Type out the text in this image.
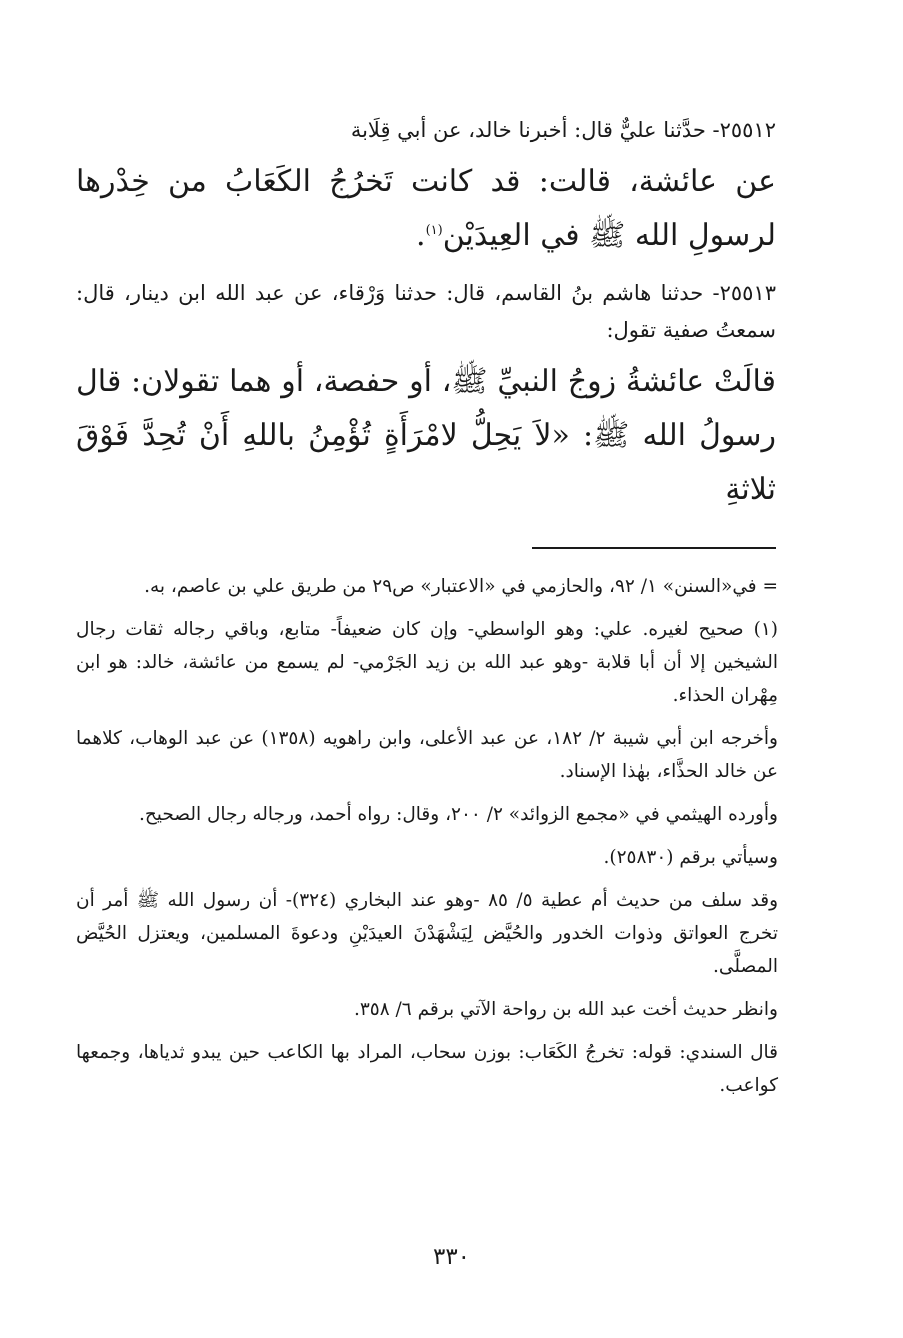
٢٥٥١٢- حدَّثنا عليٌّ قال: أخبرنا خالد، عن أبي قِلَابة

عن عائشة، قالت: قد كانت تَخرُجُ الكَعَابُ من خِدْرها لرسولِ الله ﷺ في العِيدَيْن$^{(١)}$.

٢٥٥١٣- حدثنا هاشم بنُ القاسم، قال: حدثنا وَرْقاء، عن عبد الله ابن دينار، قال: سمعتُ صفية تقول:

قالَتْ عائشةُ زوجُ النبيِّ ﷺ، أو حفصة، أو هما تقولان: قال رسولُ الله ﷺ: «لاَ يَحِلُّ لامْرَأَةٍ تُؤْمِنُ باللهِ أَنْ تُحِدَّ فَوْقَ ثلاثةِ

= في«السنن» ١/ ٩٢، والحازمي في «الاعتبار» ص٢٩ من طريق علي بن عاصم، به.

(١) صحيح لغيره. علي: وهو الواسطي- وإن كان ضعيفاً- متابع، وباقي رجاله ثقات رجال الشيخين إلا أن أبا قلابة -وهو عبد الله بن زيد الجَرْمي- لم يسمع من عائشة، خالد: هو ابن مِهْران الحذاء.

وأخرجه ابن أبي شيبة ٢/ ١٨٢، عن عبد الأعلى، وابن راهويه (١٣٥٨) عن عبد الوهاب، كلاهما عن خالد الحذَّاء، بهٰذا الإسناد.

وأورده الهيثمي في «مجمع الزوائد» ٢/ ٢٠٠، وقال: رواه أحمد، ورجاله رجال الصحيح.

وسيأتي برقم (٢٥٨٣٠).

وقد سلف من حديث أم عطية ٥/ ٨٥ -وهو عند البخاري (٣٢٤)- أن رسول الله ﷺ أمر أن تخرج العواتق وذوات الخدور والحُيَّض لِيَشْهَدْنَ العيدَيْنِ ودعوةَ المسلمين، ويعتزل الحُيَّض المصلَّى.

وانظر حديث أخت عبد الله بن رواحة الآتي برقم ٦/ ٣٥٨.

قال السندي: قوله: تخرجُ الكَعَاب: بوزن سحاب، المراد بها الكاعب حين يبدو ثدياها، وجمعها كواعب.

٣٣٠
